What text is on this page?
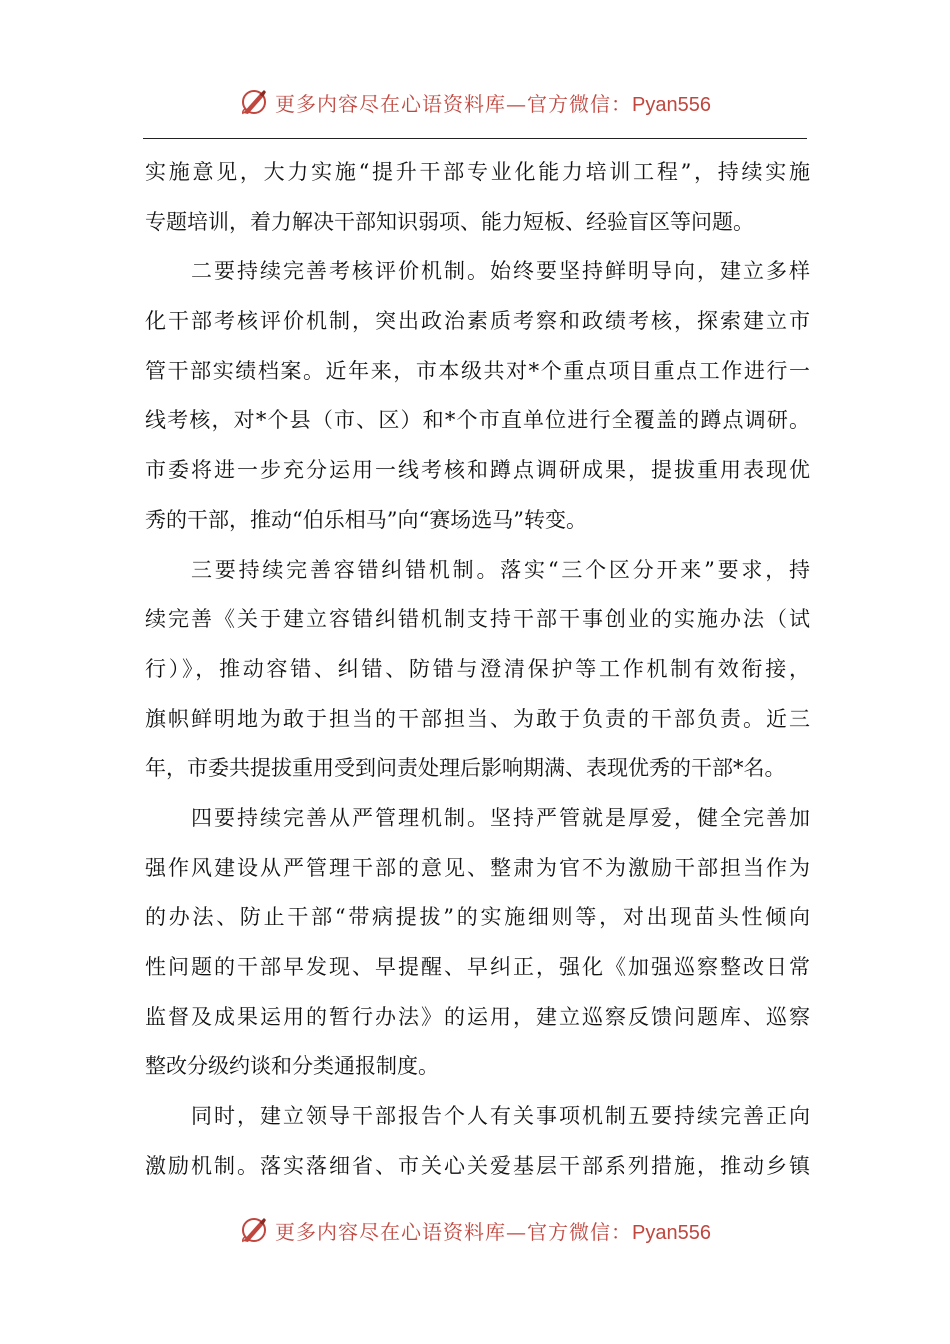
更多内容尽在心语资料库—官方微信：Pyan556
实施意见，大力实施“提升干部专业化能力培训工程”，持续实施
专题培训，着力解决干部知识弱项、能力短板、经验盲区等问题。
二要持续完善考核评价机制。始终要坚持鲜明导向，建立多样
化干部考核评价机制，突出政治素质考察和政绩考核，探索建立市
管干部实绩档案。近年来，市本级共对*个重点项目重点工作进行一
线考核，对*个县（市、区）和*个市直单位进行全覆盖的蹲点调研。
市委将进一步充分运用一线考核和蹲点调研成果，提拔重用表现优
秀的干部，推动“伯乐相马”向“赛场选马”转变。
三要持续完善容错纠错机制。落实“三个区分开来”要求，持
续完善《关于建立容错纠错机制支持干部干事创业的实施办法（试
行）》，推动容错、纠错、防错与澄清保护等工作机制有效衔接，
旗帜鲜明地为敢于担当的干部担当、为敢于负责的干部负责。近三
年，市委共提拔重用受到问责处理后影响期满、表现优秀的干部*名。
四要持续完善从严管理机制。坚持严管就是厚爱，健全完善加
强作风建设从严管理干部的意见、整肃为官不为激励干部担当作为
的办法、防止干部“带病提拔”的实施细则等，对出现苗头性倾向
性问题的干部早发现、早提醒、早纠正，强化《加强巡察整改日常
监督及成果运用的暂行办法》的运用，建立巡察反馈问题库、巡察
整改分级约谈和分类通报制度。
同时，建立领导干部报告个人有关事项机制五要持续完善正向
激励机制。落实落细省、市关心关爱基层干部系列措施，推动乡镇
更多内容尽在心语资料库—官方微信：Pyan556
